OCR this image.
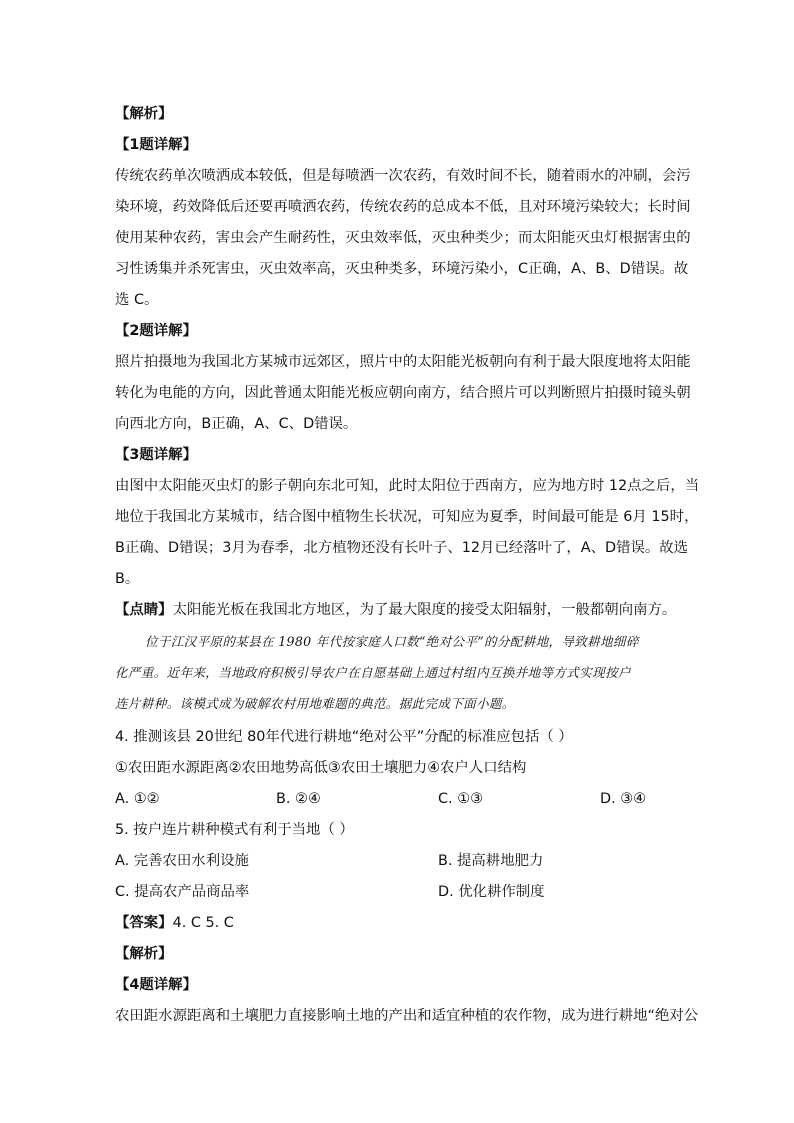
【解析】
【1题详解】
传统农药单次喷洒成本较低，但是每喷洒一次农药，有效时间不长，随着雨水的冲刷，会污
染环境，药效降低后还要再喷洒农药，传统农药的总成本不低，且对环境污染较大；长时间
使用某种农药，害虫会产生耐药性，灭虫效率低，灭虫种类少；而太阳能灭虫灯根据害虫的
习性诱集并杀死害虫，灭虫效率高，灭虫种类多，环境污染小，C正确，A、B、D错误。故
选 C。
【2题详解】
照片拍摄地为我国北方某城市远郊区，照片中的太阳能光板朝向有利于最大限度地将太阳能
转化为电能的方向，因此普通太阳能光板应朝向南方，结合照片可以判断照片拍摄时镜头朝
向西北方向，B正确，A、C、D错误。
【3题详解】
由图中太阳能灭虫灯的影子朝向东北可知，此时太阳位于西南方，应为地方时 12点之后，当
地位于我国北方某城市，结合图中植物生长状况，可知应为夏季，时间最可能是 6月 15时，
B正确、D错误；3月为春季，北方植物还没有长叶子、12月已经落叶了，A、D错误。故选
B。
【点睛】太阳能光板在我国北方地区，为了最大限度的接受太阳辐射，一般都朝向南方。
位于江汉平原的某县在 1980 年代按家庭人口数“绝对公平”的分配耕地，导致耕地细碎
化严重。近年来，当地政府积极引导农户在自愿基础上通过村组内互换并地等方式实现按户
连片耕种。该模式成为破解农村用地难题的典范。据此完成下面小题。
4. 推测该县 20世纪 80年代进行耕地“绝对公平”分配的标准应包括（ ）
①农田距水源距离②农田地势高低③农田土壤肥力④农户人口结构
A. ①②	B. ②④	C. ①③	D. ③④
5. 按户连片耕种模式有利于当地（ ）
A. 完善农田水利设施	B. 提高耕地肥力
C. 提高农产品商品率	D. 优化耕作制度
【答案】4. C 5. C
【解析】
【4题详解】
农田距水源距离和土壤肥力直接影响土地的产出和适宜种植的农作物，成为进行耕地“绝对公
